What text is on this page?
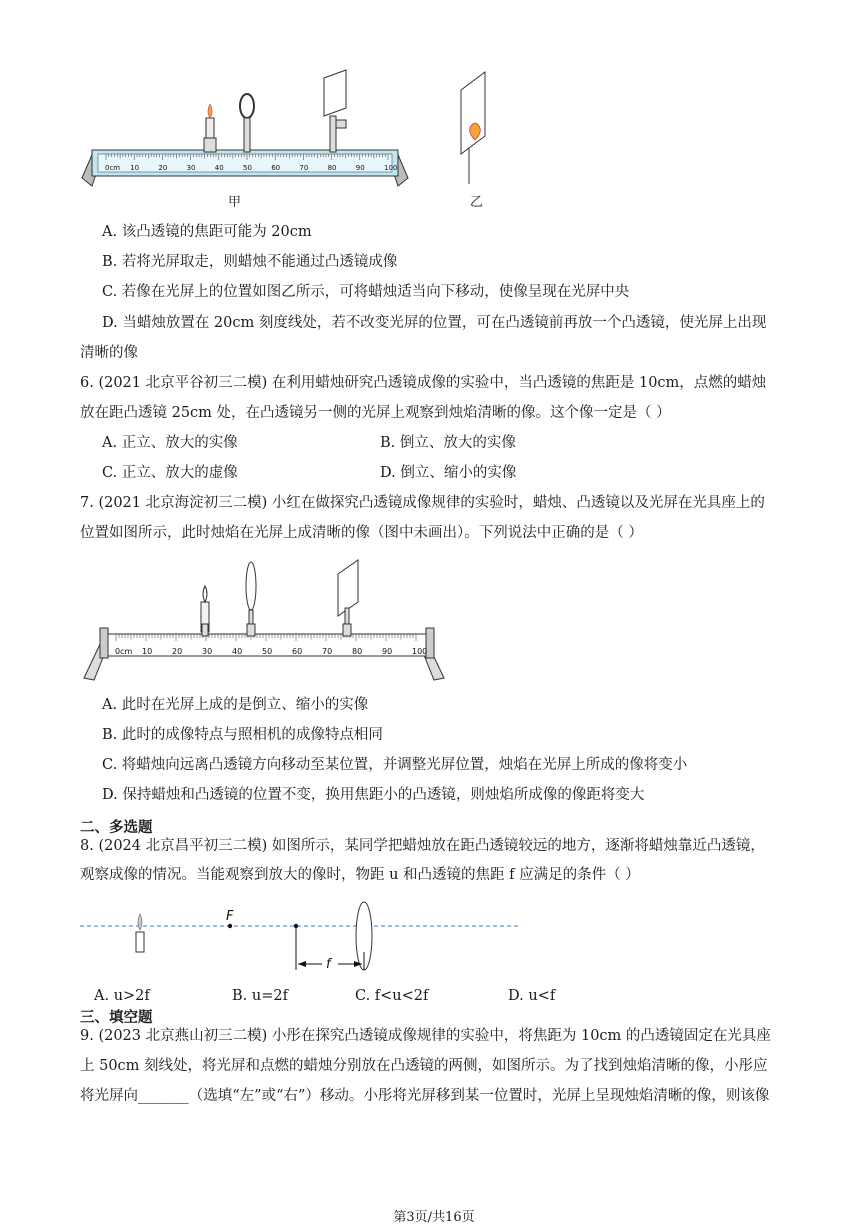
0cm 10	20	30	40	50	60	70	80	90	100
甲	乙
A. 该凸透镜的焦距可能为 20cm
B. 若将光屏取走，则蜡烛不能通过凸透镜成像
C. 若像在光屏上的位置如图乙所示，可将蜡烛适当向下移动，使像呈现在光屏中央
D. 当蜡烛放置在 20cm 刻度线处，若不改变光屏的位置，可在凸透镜前再放一个凸透镜，使光屏上出现
清晰的像
6. (2021 北京平谷初三二模) 在利用蜡烛研究凸透镜成像的实验中，当凸透镜的焦距是 10cm，点燃的蜡烛
放在距凸透镜 25cm 处，在凸透镜另一侧的光屏上观察到烛焰清晰的像。这个像一定是（ ）
A. 正立、放大的实像	B. 倒立、放大的实像
C. 正立、放大的虚像	D. 倒立、缩小的实像
7. (2021 北京海淀初三二模) 小红在做探究凸透镜成像规律的实验时，蜡烛、凸透镜以及光屏在光具座上的
位置如图所示，此时烛焰在光屏上成清晰的像（图中未画出）。下列说法中正确的是（ ）
0cm 10 20 30 40 50 60 70 80 90 100
A. 此时在光屏上成的是倒立、缩小的实像
B. 此时的成像特点与照相机的成像特点相同
C. 将蜡烛向远离凸透镜方向移动至某位置，并调整光屏位置，烛焰在光屏上所成的像将变小
D. 保持蜡烛和凸透镜的位置不变，换用焦距小的凸透镜，则烛焰所成像的像距将变大
二、多选题
8. (2024 北京昌平初三二模) 如图所示，某同学把蜡烛放在距凸透镜较远的地方，逐渐将蜡烛靠近凸透镜，
观察成像的情况。当能观察到放大的像时，物距 u 和凸透镜的焦距 f 应满足的条件（ ）
F
f
A. u>2f	B. u=2f	C. f<u<2f	D. u<f
三、填空题
9. (2023 北京燕山初三二模) 小彤在探究凸透镜成像规律的实验中，将焦距为 10cm 的凸透镜固定在光具座
上 50cm 刻线处，将光屏和点燃的蜡烛分别放在凸透镜的两侧，如图所示。为了找到烛焰清晰的像，小彤应
将光屏向_______（选填“左”或“右”）移动。小彤将光屏移到某一位置时，光屏上呈现烛焰清晰的像，则该像
第3页/共16页
